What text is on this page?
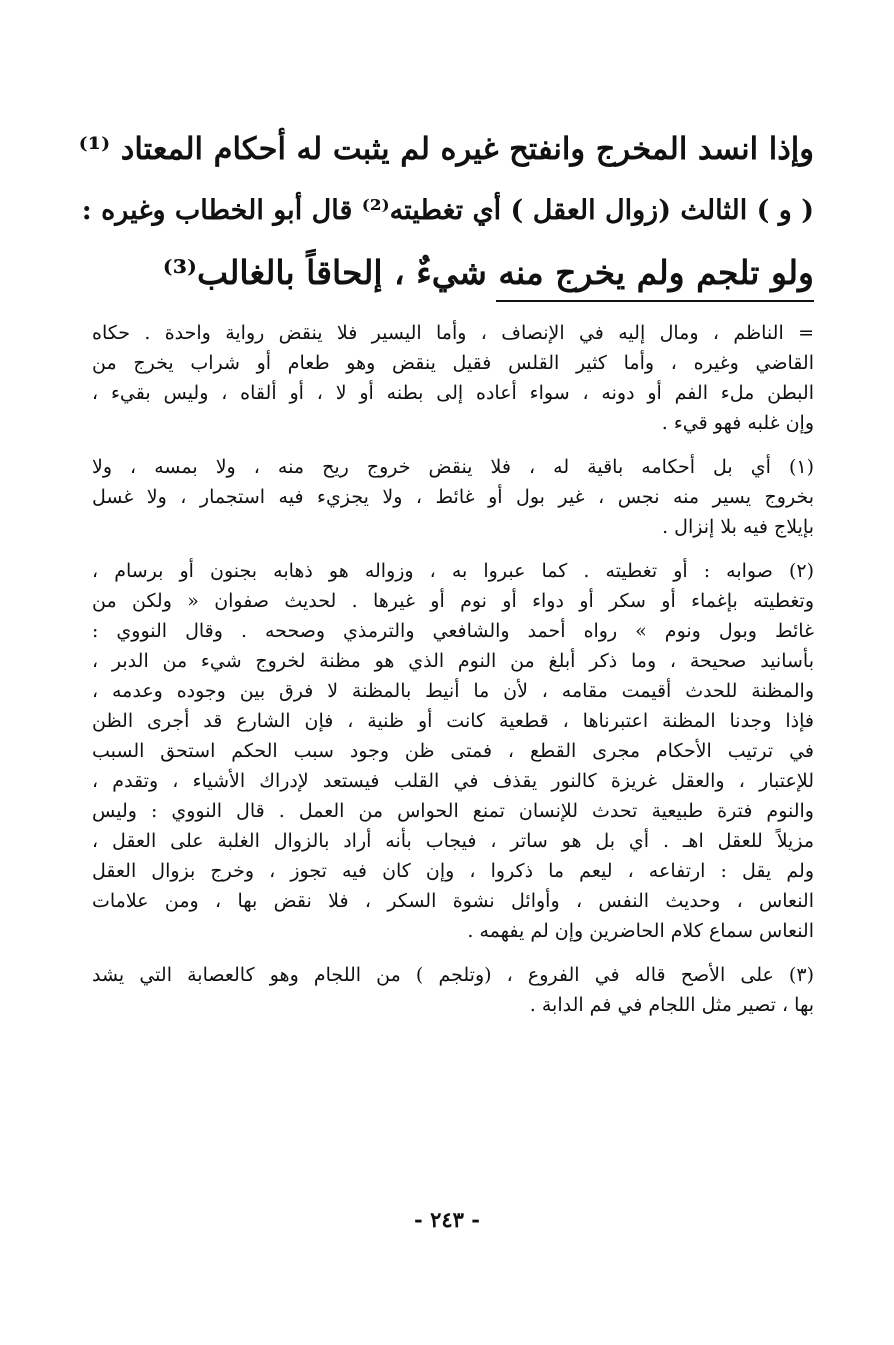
وإذا انسد المخرج وانفتح غيره لم يثبت له أحكام المعتاد ⁽¹⁾
( و ) الثالث (زوال العقل ) أي تغطيته⁽²⁾ قال أبو الخطاب وغيره :
ولو تلجم ولم يخرج منه شيءٌ ، إلحاقاً بالغالب⁽³⁾
= الناظم ، ومال إليه في الإنصاف ، وأما اليسير فلا ينقض رواية واحدة . حكاه
القاضي وغيره ، وأما كثير القلس فقيل ينقض وهو طعام أو شراب يخرج من
البطن ملء الفم أو دونه ، سواء أعاده إلى بطنه أو لا ، أو ألقاه ، وليس بقيء ،
وإن غلبه فهو قيء .
(١) أي بل أحكامه باقية له ، فلا ينقض خروج ريح منه ، ولا بمسه ، ولا
بخروج يسير منه نجس ، غير بول أو غائط ، ولا يجزيء فيه استجمار ، ولا غسل
بإيلاج فيه بلا إنزال .
(٢) صوابه : أو تغطيته . كما عبروا به ، وزواله هو ذهابه بجنون أو برسام ،
وتغطيته بإغماء أو سكر أو دواء أو نوم أو غيرها . لحديث صفوان « ولكن من
غائط وبول ونوم » رواه أحمد والشافعي والترمذي وصححه . وقال النووي :
بأسانيد صحيحة ، وما ذكر أبلغ من النوم الذي هو مظنة لخروج شيء من الدبر ،
والمظنة للحدث أقيمت مقامه ، لأن ما أنيط بالمظنة لا فرق بين وجوده وعدمه ،
فإذا وجدنا المظنة اعتبرناها ، قطعية كانت أو ظنية ، فإن الشارع قد أجرى الظن
في ترتيب الأحكام مجرى القطع ، فمتى ظن وجود سبب الحكم استحق السبب
للإعتبار ، والعقل غريزة كالنور يقذف في القلب فيستعد لإدراك الأشياء ، وتقدم ،
والنوم فترة طبيعية تحدث للإنسان تمنع الحواس من العمل . قال النووي : وليس
مزيلاً للعقل اهـ . أي بل هو ساتر ، فيجاب بأنه أراد بالزوال الغلبة على العقل ،
ولم يقل : ارتفاعه ، ليعم ما ذكروا ، وإن كان فيه تجوز ، وخرج بزوال العقل
النعاس ، وحديث النفس ، وأوائل نشوة السكر ، فلا نقض بها ، ومن علامات
النعاس سماع كلام الحاضرين وإن لم يفهمه .
(٣) على الأصح قاله في الفروع ، (وتلجم ) من اللجام وهو كالعصابة التي يشد
بها ، تصير مثل اللجام في فم الدابة .
- ٢٤٣ -
